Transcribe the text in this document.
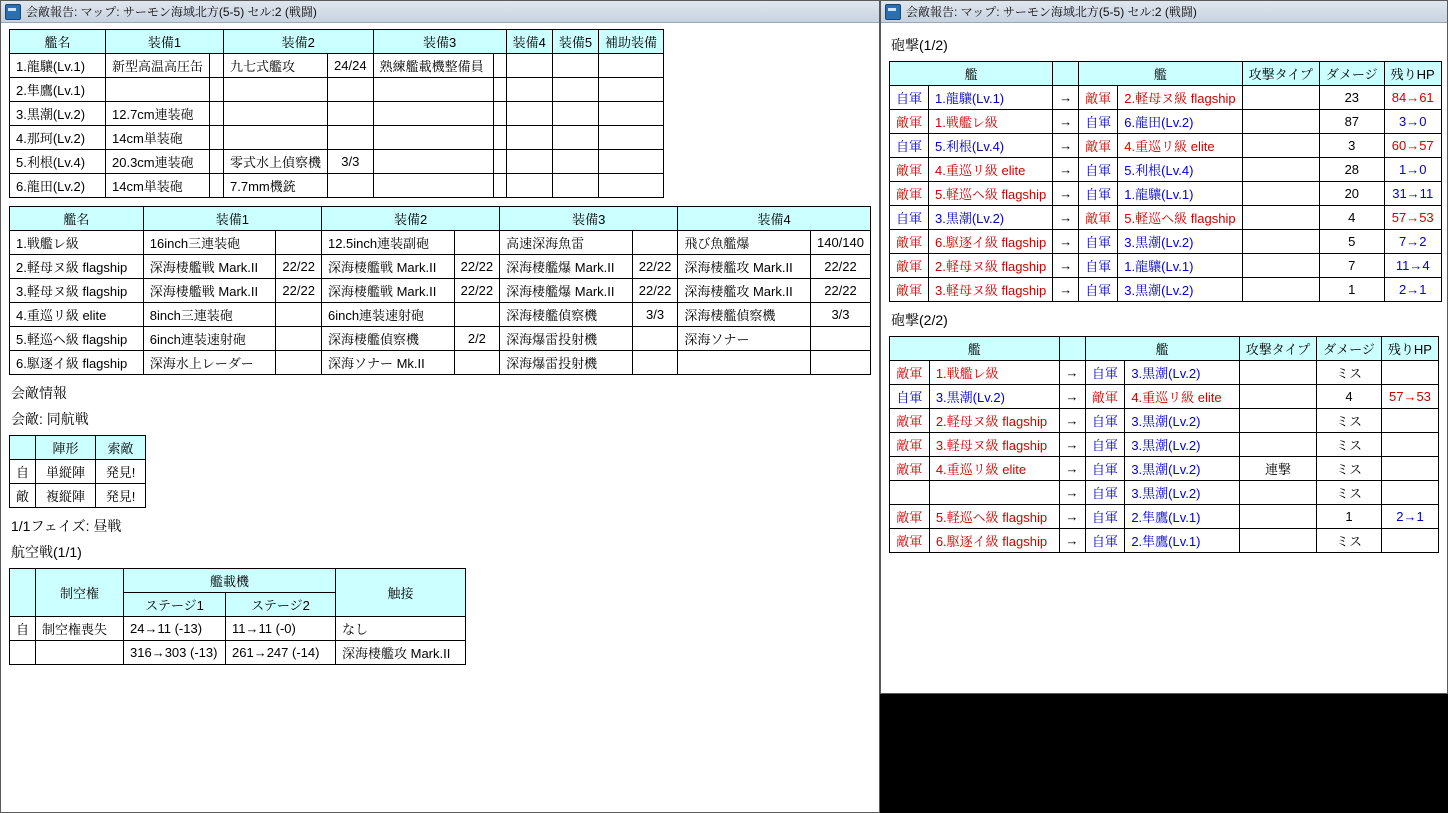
会敵報告: マップ: サーモン海域北方(5-5) セル:2 (戦闘)
艦名	装備1		装備2		装備3		装備4	装備5	補助装備
1.龍驤(Lv.1)	新型高温高圧缶		九七式艦攻	24/24	熟練艦載機整備員				
2.隼鷹(Lv.1)									
3.黒潮(Lv.2)	12.7cm連装砲								
4.那珂(Lv.2)	14cm単装砲								
5.利根(Lv.4)	20.3cm連装砲		零式水上偵察機	3/3					
6.龍田(Lv.2)	14cm単装砲		7.7mm機銃						
艦名	装備1		装備2		装備3		装備4	
1.戦艦レ級	16inch三連装砲		12.5inch連装副砲		高速深海魚雷		飛び魚艦爆	140/140
2.軽母ヌ級 flagship	深海棲艦戦 Mark.II	22/22	深海棲艦戦 Mark.II	22/22	深海棲艦爆 Mark.II	22/22	深海棲艦攻 Mark.II	22/22
3.軽母ヌ級 flagship	深海棲艦戦 Mark.II	22/22	深海棲艦戦 Mark.II	22/22	深海棲艦爆 Mark.II	22/22	深海棲艦攻 Mark.II	22/22
4.重巡リ級 elite	8inch三連装砲		6inch連装速射砲		深海棲艦偵察機	3/3	深海棲艦偵察機	3/3
5.軽巡ヘ級 flagship	6inch連装速射砲		深海棲艦偵察機	2/2	深海爆雷投射機		深海ソナー	
6.駆逐イ級 flagship	深海水上レーダー		深海ソナー Mk.II		深海爆雷投射機			
会敵情報
会敵: 同航戦
	陣形	索敵
自	単縦陣	発見!
敵	複縦陣	発見!
1/1フェイズ: 昼戦
航空戦(1/1)
	制空権	艦載機		触接
		ステージ1	ステージ2	
自	制空権喪失	24→11 (-13)	11→11 (-0)	なし
		316→303 (-13)	261→247 (-14)	深海棲艦攻 Mark.II
会敵報告: マップ: サーモン海域北方(5-5) セル:2 (戦闘)
砲撃(1/2)
艦			艦		攻撃タイプ	ダメージ	残りHP
自軍	1.龍驤(Lv.1)	→	敵軍	2.軽母ヌ級 flagship		23	84→61
敵軍	1.戦艦レ級	→	自軍	6.龍田(Lv.2)		87	3→0
自軍	5.利根(Lv.4)	→	敵軍	4.重巡リ級 elite		3	60→57
敵軍	4.重巡リ級 elite	→	自軍	5.利根(Lv.4)		28	1→0
敵軍	5.軽巡ヘ級 flagship	→	自軍	1.龍驤(Lv.1)		20	31→11
自軍	3.黒潮(Lv.2)	→	敵軍	5.軽巡ヘ級 flagship		4	57→53
敵軍	6.駆逐イ級 flagship	→	自軍	3.黒潮(Lv.2)		5	7→2
敵軍	2.軽母ヌ級 flagship	→	自軍	1.龍驤(Lv.1)		7	11→4
敵軍	3.軽母ヌ級 flagship	→	自軍	3.黒潮(Lv.2)		1	2→1
砲撃(2/2)
艦			艦		攻撃タイプ	ダメージ	残りHP
敵軍	1.戦艦レ級	→	自軍	3.黒潮(Lv.2)		ミス	
自軍	3.黒潮(Lv.2)	→	敵軍	4.重巡リ級 elite		4	57→53
敵軍	2.軽母ヌ級 flagship	→	自軍	3.黒潮(Lv.2)		ミス	
敵軍	3.軽母ヌ級 flagship	→	自軍	3.黒潮(Lv.2)		ミス	
敵軍	4.重巡リ級 elite	→	自軍	3.黒潮(Lv.2)	連撃	ミス	
		→	自軍	3.黒潮(Lv.2)		ミス	
敵軍	5.軽巡ヘ級 flagship	→	自軍	2.隼鷹(Lv.1)		1	2→1
敵軍	6.駆逐イ級 flagship	→	自軍	2.隼鷹(Lv.1)		ミス	
